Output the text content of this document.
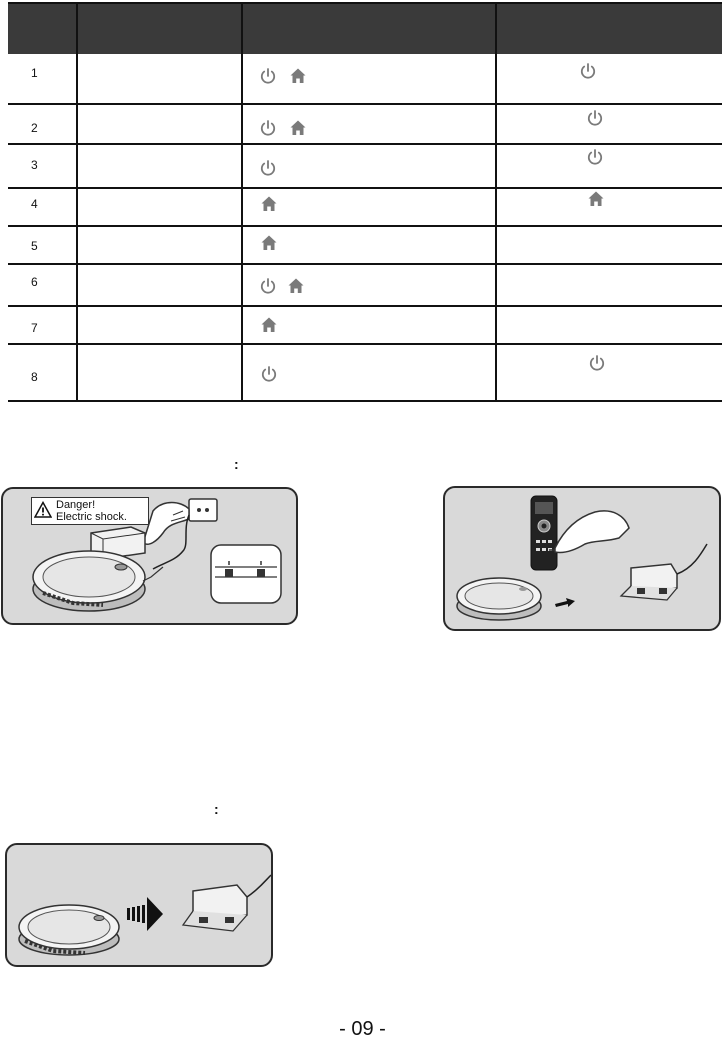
1
2
3
4
5
6
7
8
:
Danger!
Electric shock.
:
- 09 -
